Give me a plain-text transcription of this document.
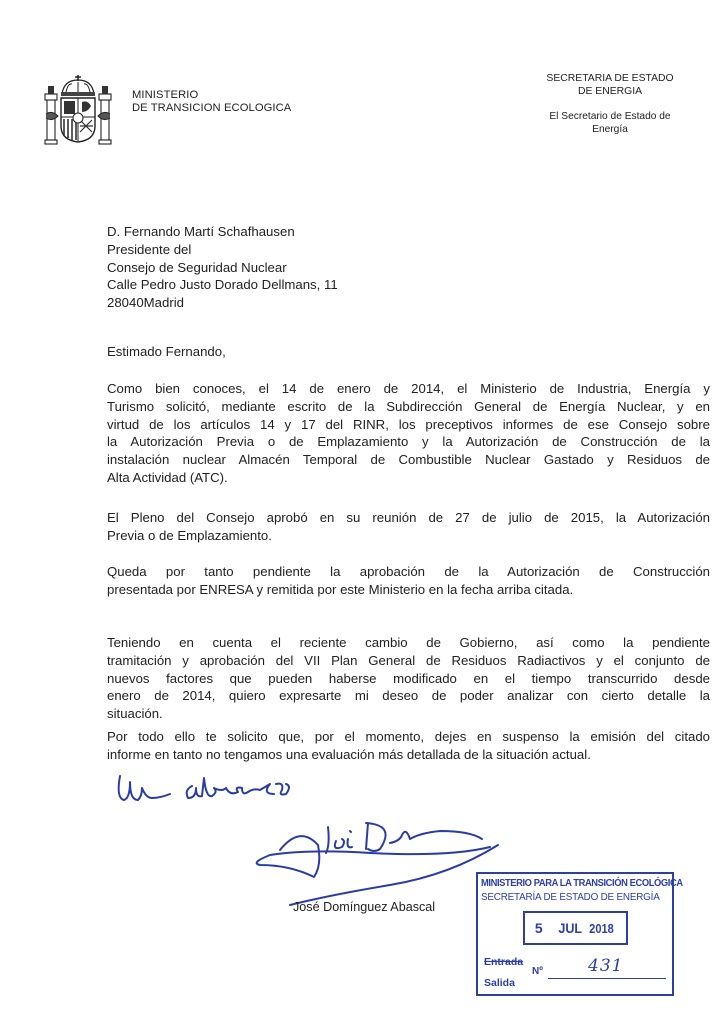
MINISTERIO
DE TRANSICION ECOLOGICA
SECRETARIA DE ESTADO
DE ENERGIA
El Secretario de Estado de
Energía
D. Fernando Martí Schafhausen
Presidente del
Consejo de Seguridad Nuclear
Calle Pedro Justo Dorado Dellmans, 11
28040Madrid
Estimado Fernando,
Como bien conoces, el 14 de enero de 2014, el Ministerio de Industria, Energía y
Turismo solicitó, mediante escrito de la Subdirección General de Energía Nuclear, y en
virtud de los artículos 14 y 17 del RINR, los preceptivos informes de ese Consejo sobre
la Autorización Previa o de Emplazamiento y la Autorización de Construcción de la
instalación nuclear Almacén Temporal de Combustible Nuclear Gastado y Residuos de
Alta Actividad (ATC).
El Pleno del Consejo aprobó en su reunión de 27 de julio de 2015, la Autorización
Previa o de Emplazamiento.
Queda por tanto pendiente la aprobación de la Autorización de Construcción
presentada por ENRESA y remitida por este Ministerio en la fecha arriba citada.
Teniendo en cuenta el reciente cambio de Gobierno, así como la pendiente
tramitación y aprobación del VII Plan General de Residuos Radiactivos y el conjunto de
nuevos factores que pueden haberse modificado en el tiempo transcurrido desde
enero de 2014, quiero expresarte mi deseo de poder analizar con cierto detalle la
situación.
Por todo ello te solicito que, por el momento, dejes en suspenso la emisión del citado
informe en tanto no tengamos una evaluación más detallada de la situación actual.
José Domínguez Abascal
MINISTERIO PARA LA TRANSICIÓN ECOLÓGICA
SECRETARÍA DE ESTADO DE ENERGÍA
5 JUL 2018
Entrada
Salida
Nº	431
